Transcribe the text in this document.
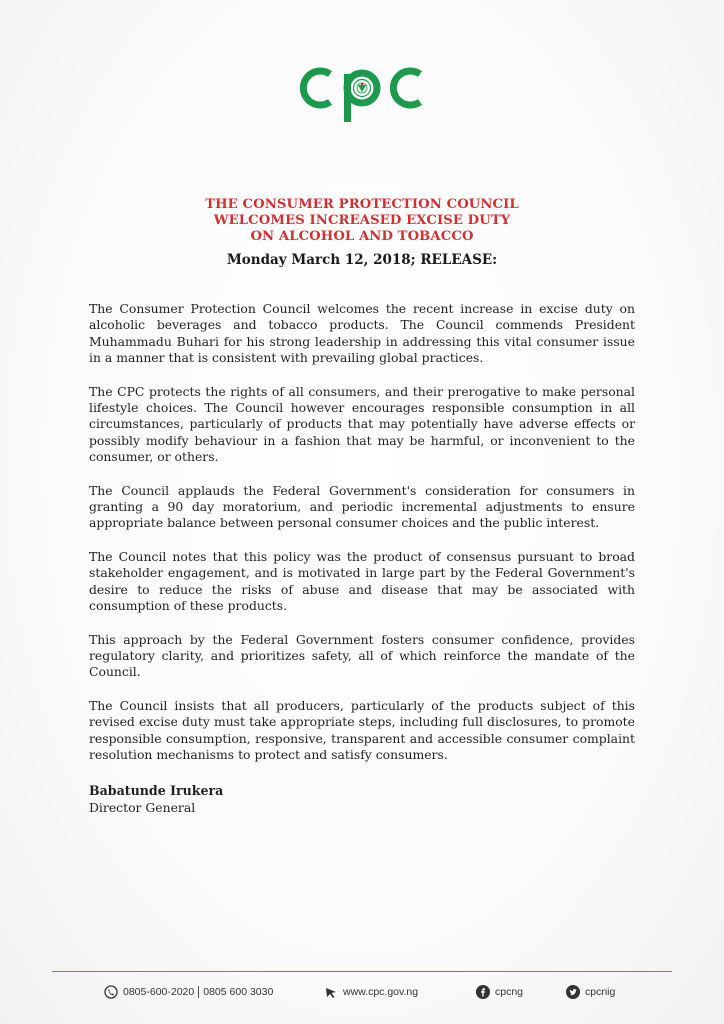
THE CONSUMER PROTECTION COUNCIL
WELCOMES INCREASED EXCISE DUTY
ON ALCOHOL AND TOBACCO
Monday March 12, 2018; RELEASE:

The Consumer Protection Council welcomes the recent increase in excise duty on alcoholic beverages and tobacco products. The Council commends President Muhammadu Buhari for his strong leadership in addressing this vital consumer issue in a manner that is consistent with prevailing global practices.

The CPC protects the rights of all consumers, and their prerogative to make personal lifestyle choices. The Council however encourages responsible consumption in all circumstances, particularly of products that may potentially have adverse effects or possibly modify behaviour in a fashion that may be harmful, or inconvenient to the consumer, or others.

The Council applauds the Federal Government's consideration for consumers in granting a 90 day moratorium, and periodic incremental adjustments to ensure appropriate balance between personal consumer choices and the public interest.

The Council notes that this policy was the product of consensus pursuant to broad stakeholder engagement, and is motivated in large part by the Federal Government's desire to reduce the risks of abuse and disease that may be associated with consumption of these products.

This approach by the Federal Government fosters consumer confidence, provides regulatory clarity, and prioritizes safety, all of which reinforce the mandate of the Council.

The Council insists that all producers, particularly of the products subject of this revised excise duty must take appropriate steps, including full disclosures, to promote responsible consumption, responsive, transparent and accessible consumer complaint resolution mechanisms to protect and satisfy consumers.

Babatunde Irukera
Director General
0805-600-2020 0805 600 3030	www.cpc.gov.ng	cpcng	cpcnig
